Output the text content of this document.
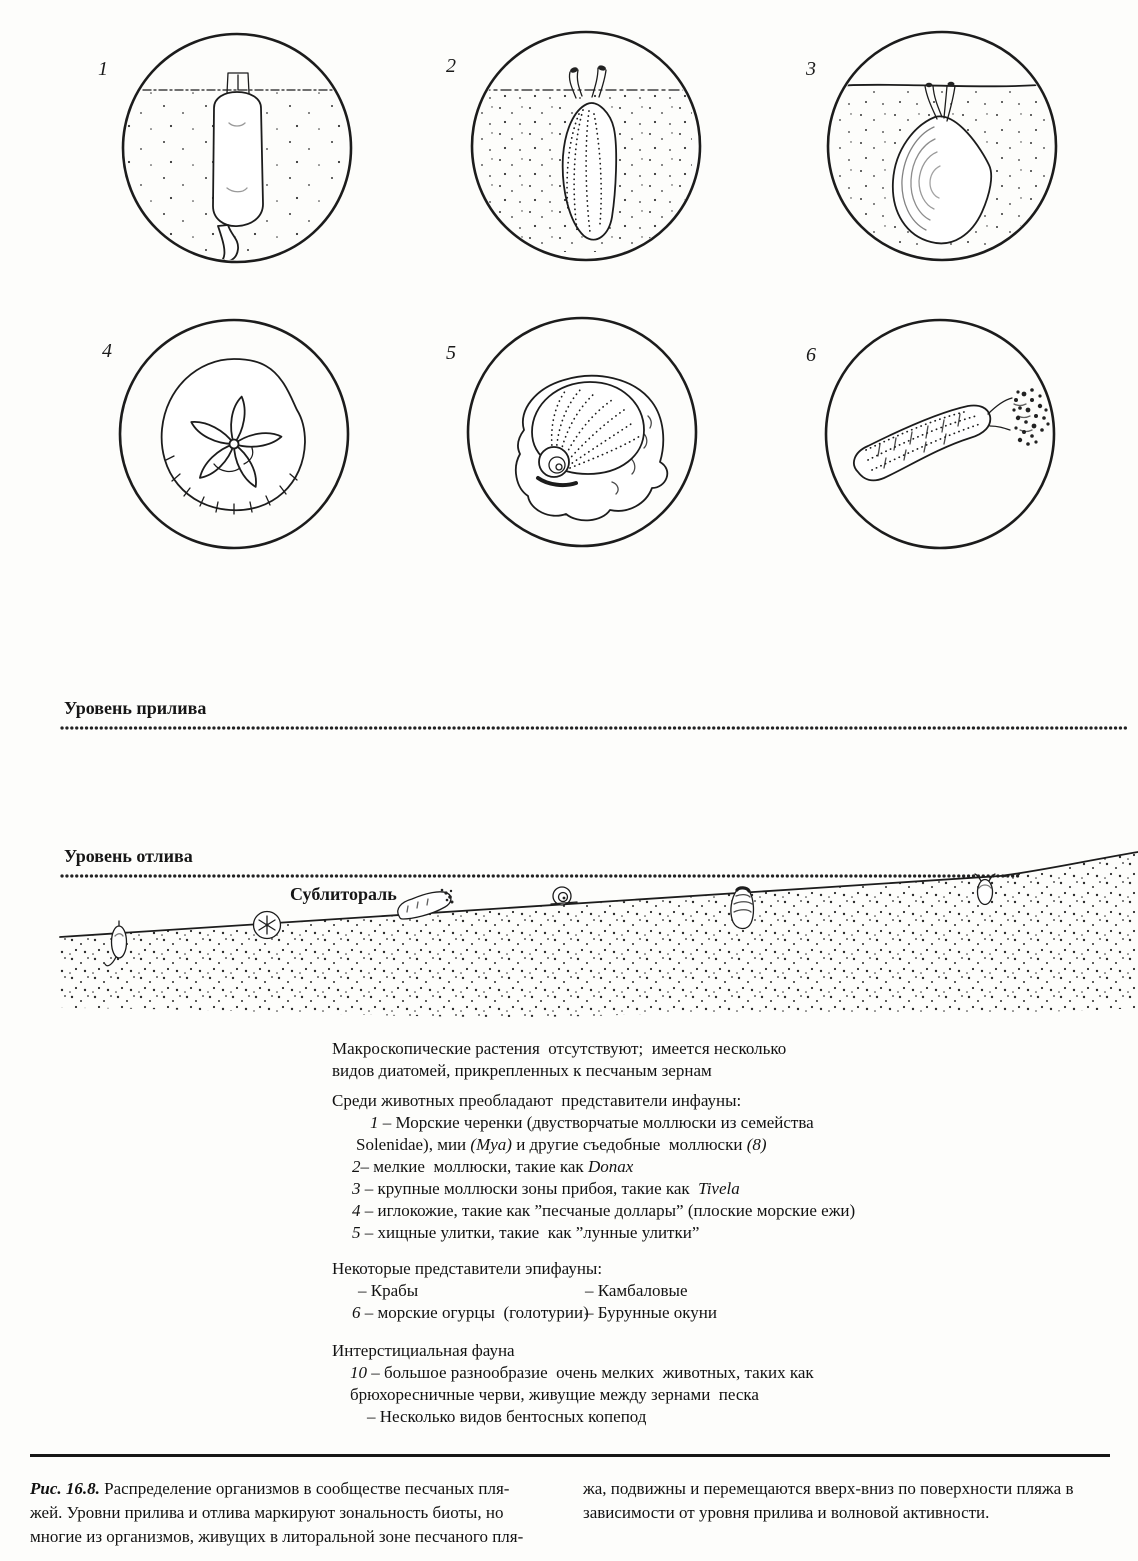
1	2	3
4	5	6
Уровень прилива
Уровень отлива
Сублитораль
Макроскопические растения  отсутствуют;  имеется несколько
видов диатомей, прикрепленных к песчаным зернам
Среди животных преобладают  представители инфауны:
1 – Морские черенки (двустворчатые моллюски из семейства
Solenidae), мии (Mya) и другие съедобные  моллюски (8)
2– мелкие  моллюски, такие как Donax
3 – крупные моллюски зоны прибоя, такие как  Tivela
4 – иглокожие, такие как ”песчаные доллары” (плоские морские ежи)
5 – хищные улитки, такие  как ”лунные улитки”
Некоторые представители эпифауны:
– Крабы	– Камбаловые
6 – морские огурцы  (голотурии)
– Бурунные окуни
Интерстициальная фауна
10 – большое разнообразие  очень мелких  животных, таких как
брюхоресничные черви, живущие между зернами  песка
– Несколько видов бентосных копепод
Рис. 16.8. Распределение организмов в сообществе песчаных пля-
жей. Уровни прилива и отлива маркируют зональность биоты, но
многие из организмов, живущих в литоральной зоне песчаного пля-
жа, подвижны и перемещаются вверх-вниз по поверхности пляжа в
зависимости от уровня прилива и волновой активности.
